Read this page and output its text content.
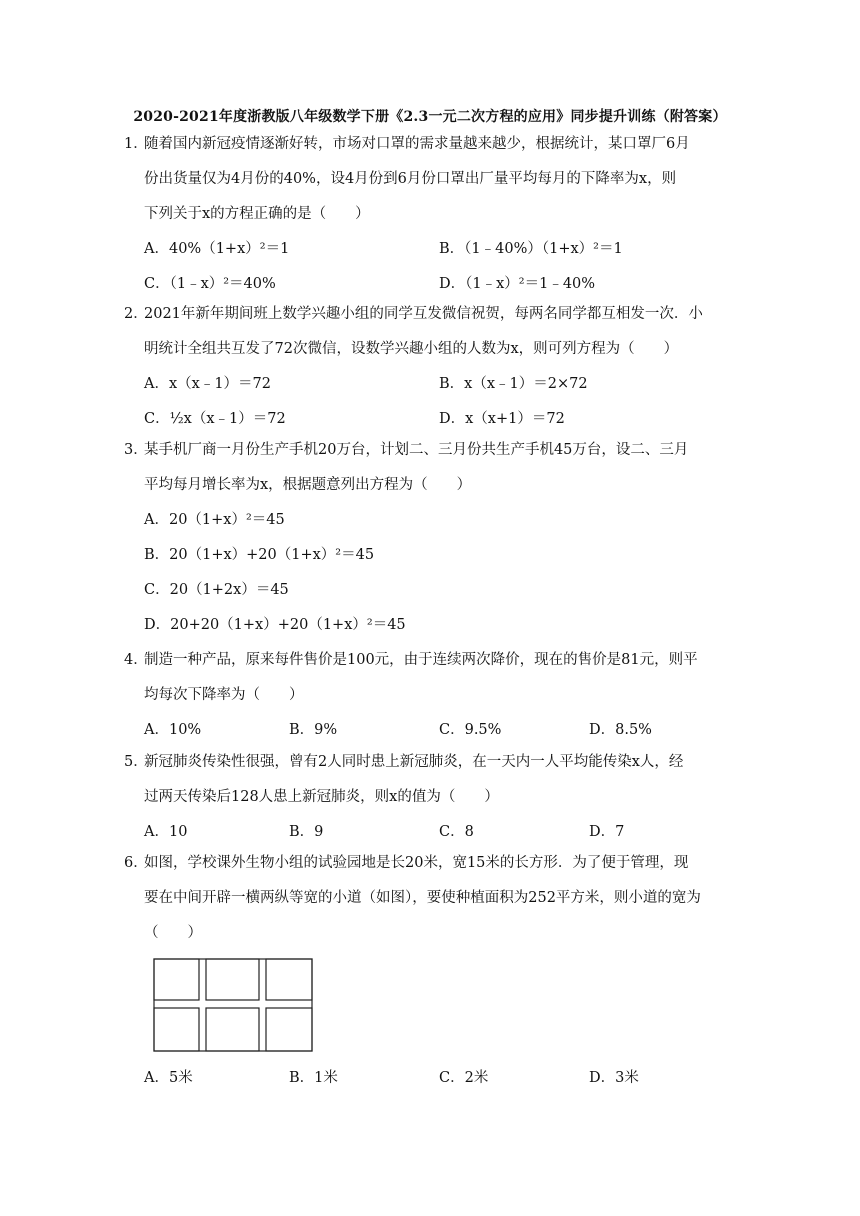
2020-2021年度浙教版八年级数学下册《2.3一元二次方程的应用》同步提升训练（附答案）
1．随着国内新冠疫情逐渐好转，市场对口罩的需求量越来越少，根据统计，某口罩厂6月
份出货量仅为4月份的40%，设4月份到6月份口罩出厂量平均每月的下降率为x，则
下列关于x的方程正确的是（　　）
A．40%（1+x）²＝1	B．（1﹣40%）（1+x）²＝1
C．（1﹣x）²＝40%	D．（1﹣x）²＝1﹣40%
2．2021年新年期间班上数学兴趣小组的同学互发微信祝贺，每两名同学都互相发一次．小
明统计全组共互发了72次微信，设数学兴趣小组的人数为x，则可列方程为（　　）
A．x（x﹣1）＝72	B．x（x﹣1）＝2×72
C．½x（x﹣1）＝72	D．x（x+1）＝72
3．某手机厂商一月份生产手机20万台，计划二、三月份共生产手机45万台，设二、三月
平均每月增长率为x，根据题意列出方程为（　　）
A．20（1+x）²＝45
B．20（1+x）+20（1+x）²＝45
C．20（1+2x）＝45
D．20+20（1+x）+20（1+x）²＝45
4．制造一种产品，原来每件售价是100元，由于连续两次降价，现在的售价是81元，则平
均每次下降率为（　　）
A．10%	B．9%	C．9.5%	D．8.5%
5．新冠肺炎传染性很强，曾有2人同时患上新冠肺炎，在一天内一人平均能传染x人，经
过两天传染后128人患上新冠肺炎，则x的值为（　　）
A．10	B．9	C．8	D．7
6．如图，学校课外生物小组的试验园地是长20米，宽15米的长方形．为了便于管理，现
要在中间开辟一横两纵等宽的小道（如图），要使种植面积为252平方米，则小道的宽为
（　　）
A．5米	B．1米	C．2米	D．3米
